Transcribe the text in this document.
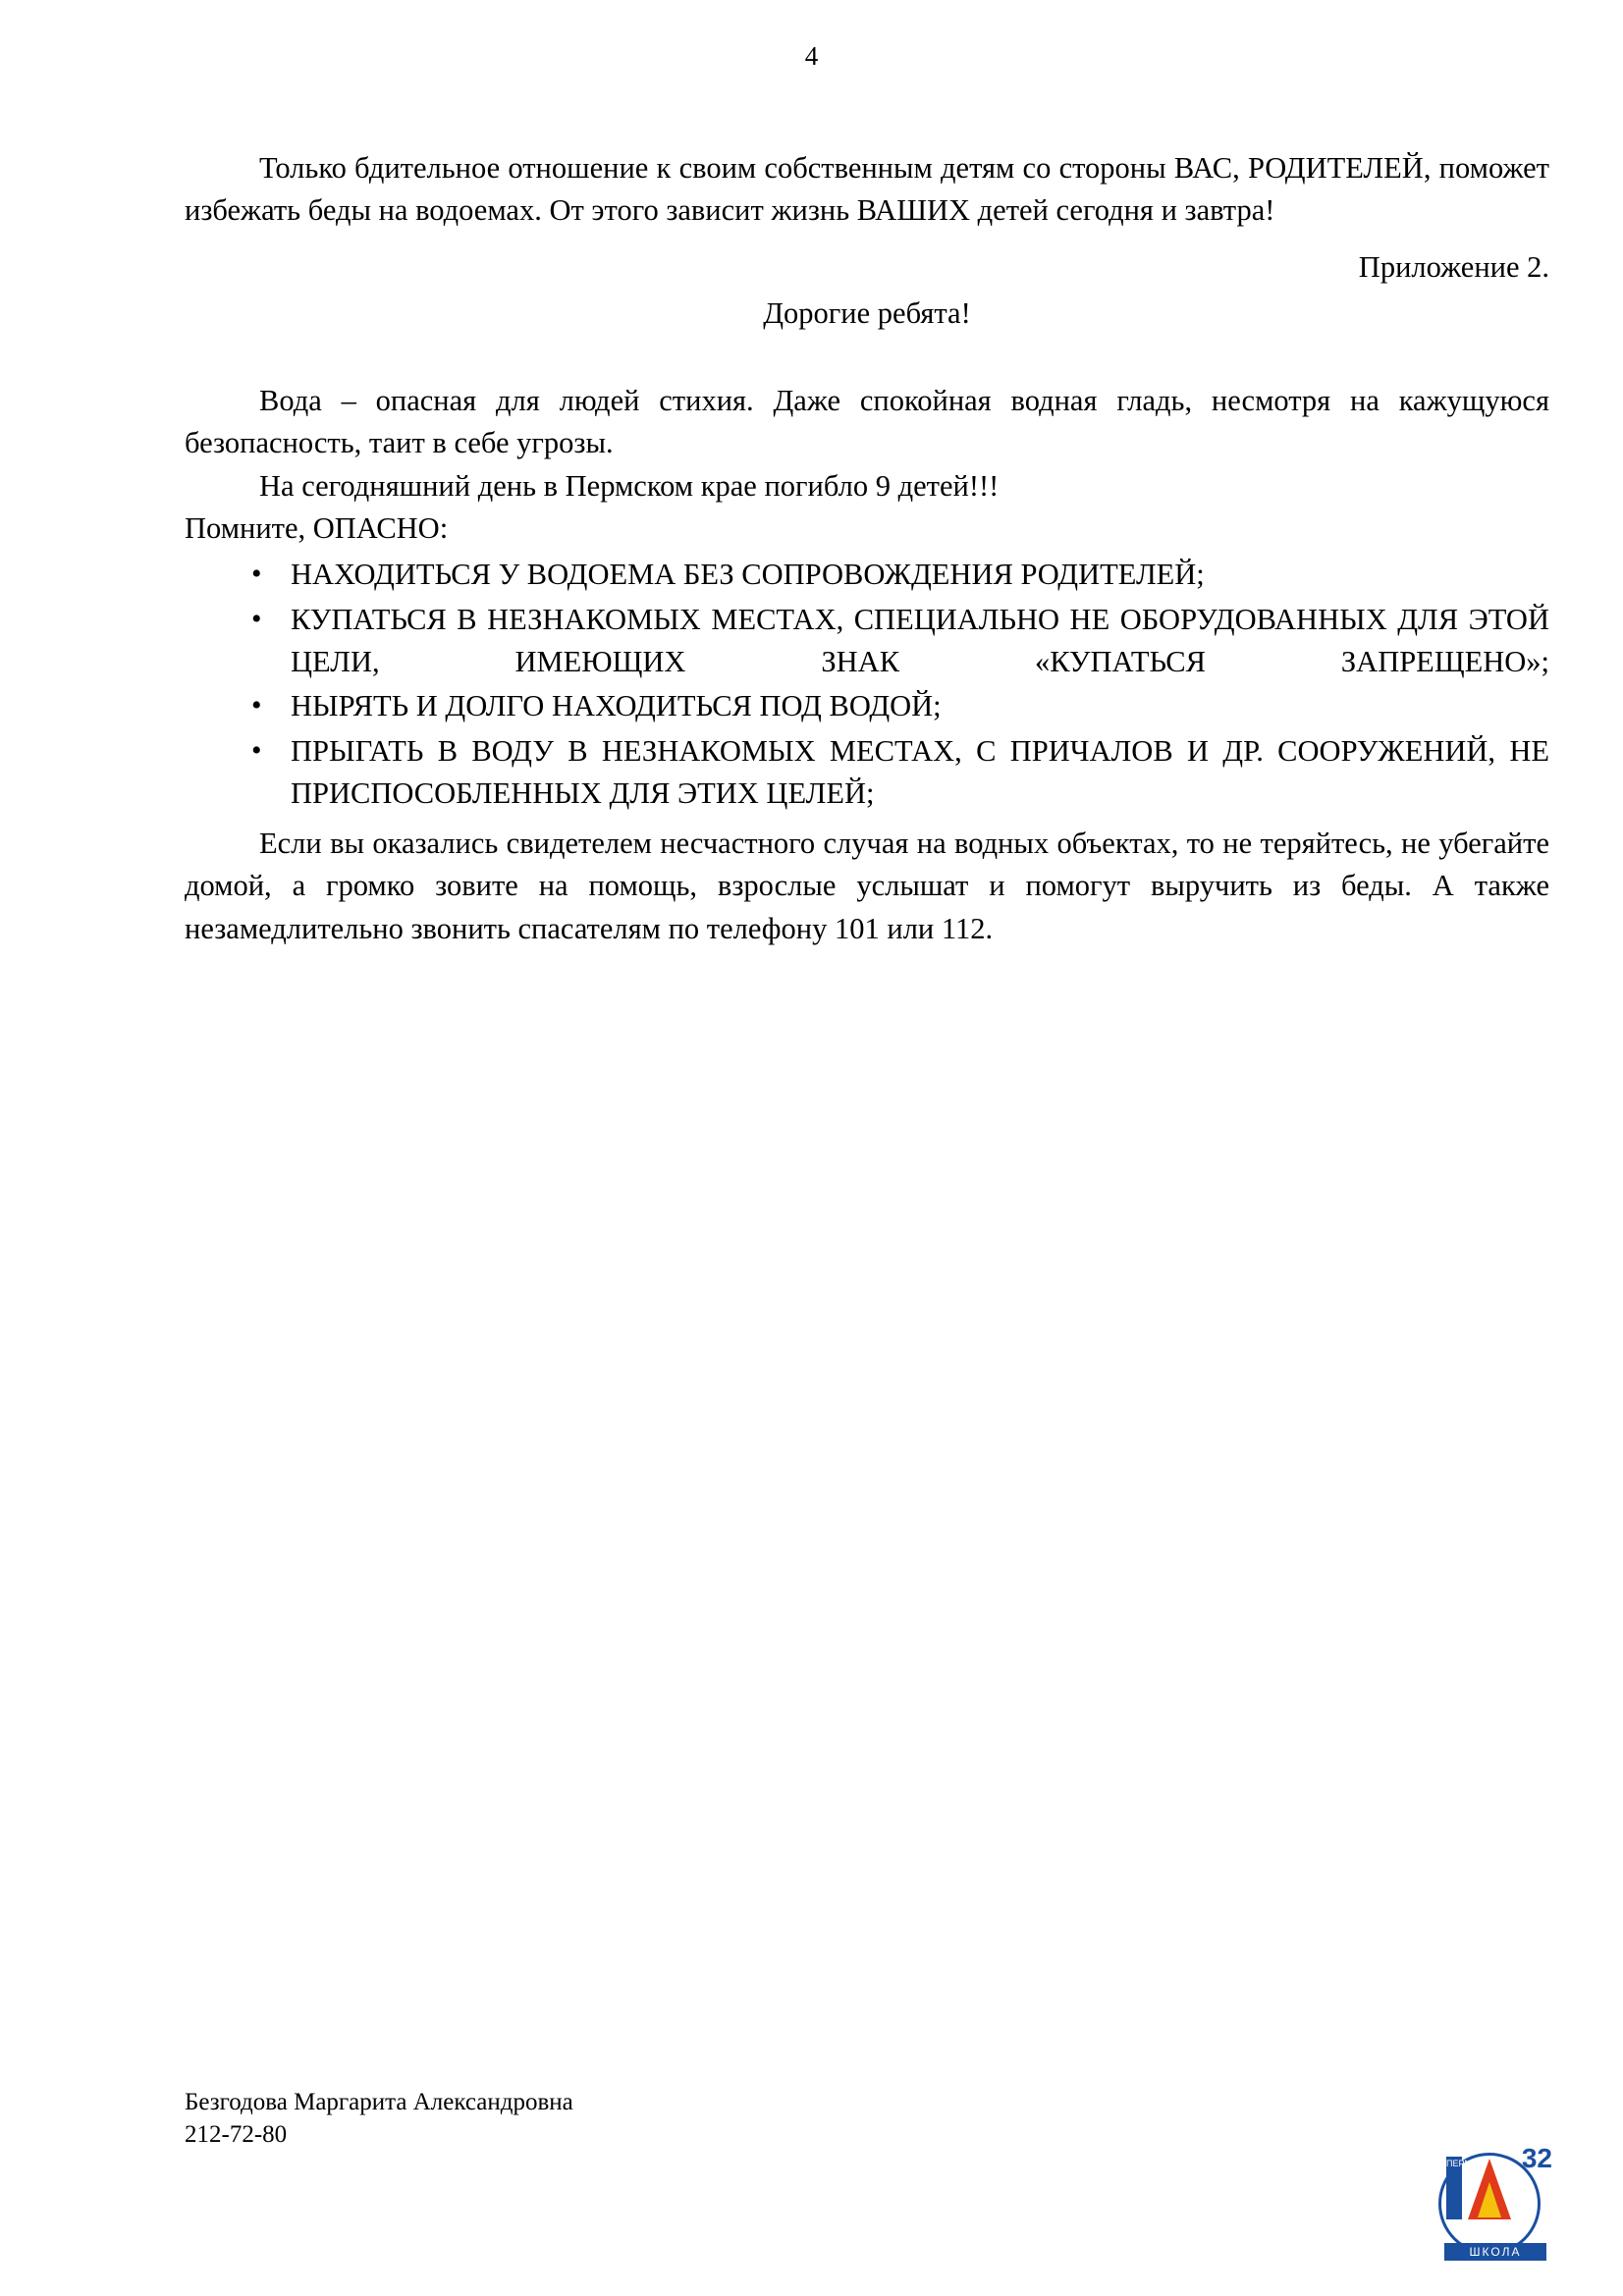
4

Только бдительное отношение к своим собственным детям со стороны ВАС, РОДИТЕЛЕЙ, поможет избежать беды на водоемах. От этого зависит жизнь ВАШИХ детей сегодня и завтра!

Приложение 2.

Дорогие ребята!

Вода – опасная для людей стихия. Даже спокойная водная гладь, несмотря на кажущуюся безопасность, таит в себе угрозы.

На сегодняшний день в Пермском крае погибло 9 детей!!!

Помните, ОПАСНО:

• НАХОДИТЬСЯ У ВОДОЕМА БЕЗ СОПРОВОЖДЕНИЯ РОДИТЕЛЕЙ;
• КУПАТЬСЯ В НЕЗНАКОМЫХ МЕСТАХ, СПЕЦИАЛЬНО НЕ ОБОРУДОВАННЫХ ДЛЯ ЭТОЙ ЦЕЛИ, ИМЕЮЩИХ ЗНАК «КУПАТЬСЯ ЗАПРЕЩЕНО»;
• НЫРЯТЬ И ДОЛГО НАХОДИТЬСЯ ПОД ВОДОЙ;
• ПРЫГАТЬ В ВОДУ В НЕЗНАКОМЫХ МЕСТАХ, С ПРИЧАЛОВ И ДР. СООРУЖЕНИЙ, НЕ ПРИСПОСОБЛЕННЫХ ДЛЯ ЭТИХ ЦЕЛЕЙ;

Если вы оказались свидетелем несчастного случая на водных объектах, то не теряйтесь, не убегайте домой, а громко зовите на помощь, взрослые услышат и помогут выручить из беды. А также незамедлительно звонить спасателям по телефону 101 или 112.

Безгодова Маргарита Александровна
212-72-80
ПЕРМЬ 32
ШКОЛА
